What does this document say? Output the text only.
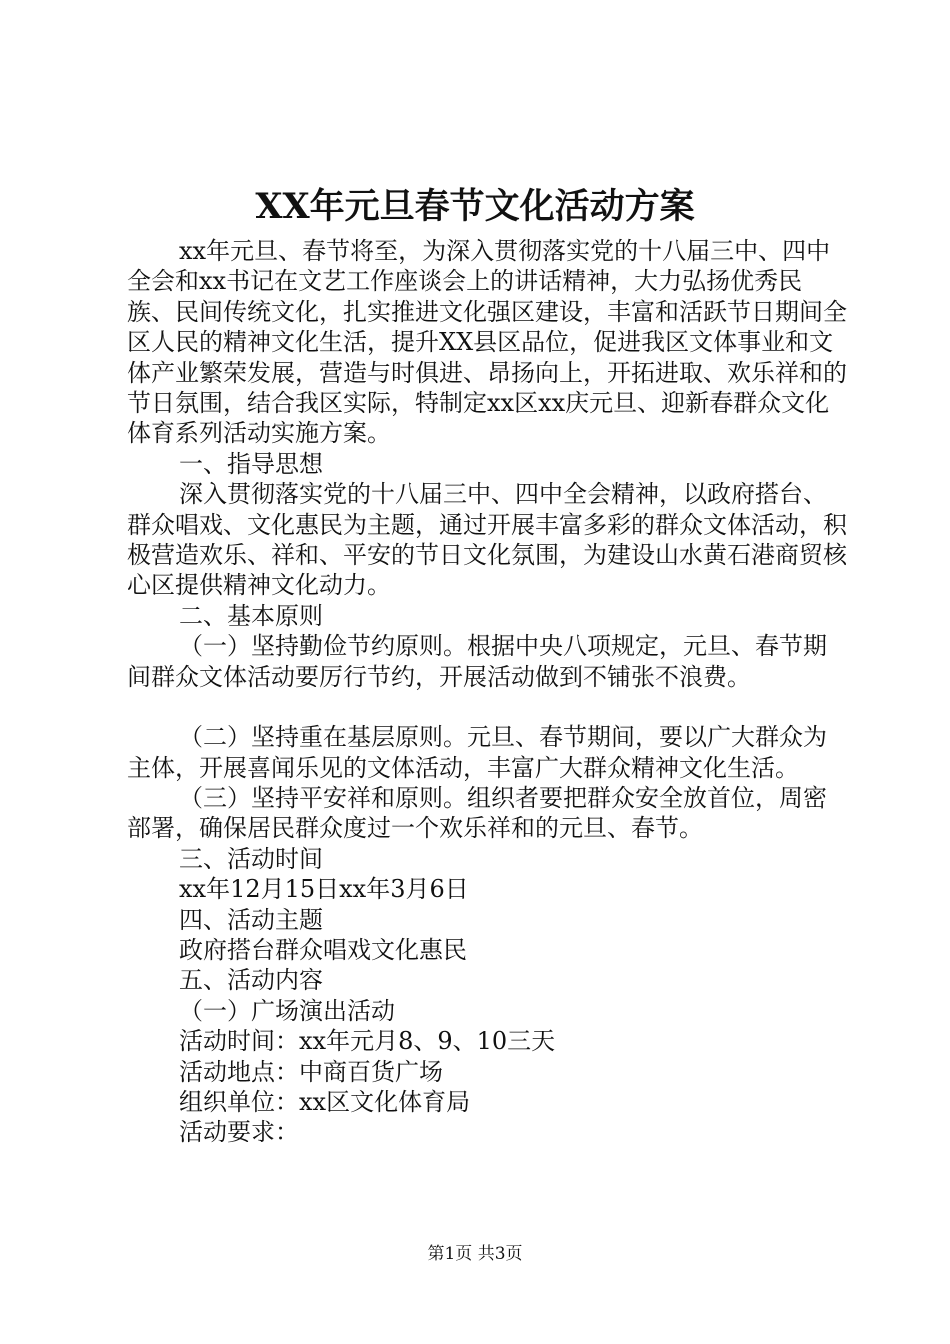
XX年元旦春节文化活动方案

xx年元旦、春节将至，为深入贯彻落实党的十八届三中、四中全会和xx书记在文艺工作座谈会上的讲话精神，大力弘扬优秀民族、民间传统文化，扎实推进文化强区建设，丰富和活跃节日期间全区人民的精神文化生活，提升XX县区品位，促进我区文体事业和文体产业繁荣发展，营造与时俱进、昂扬向上，开拓进取、欢乐祥和的节日氛围，结合我区实际，特制定xx区xx庆元旦、迎新春群众文化体育系列活动实施方案。

一、指导思想

深入贯彻落实党的十八届三中、四中全会精神，以政府搭台、群众唱戏、文化惠民为主题，通过开展丰富多彩的群众文体活动，积极营造欢乐、祥和、平安的节日文化氛围，为建设山水黄石港商贸核心区提供精神文化动力。

二、基本原则

（一）坚持勤俭节约原则。根据中央八项规定，元旦、春节期间群众文体活动要厉行节约，开展活动做到不铺张不浪费。

（二）坚持重在基层原则。元旦、春节期间，要以广大群众为主体，开展喜闻乐见的文体活动，丰富广大群众精神文化生活。

（三）坚持平安祥和原则。组织者要把群众安全放首位，周密部署，确保居民群众度过一个欢乐祥和的元旦、春节。

三、活动时间

xx年12月15日xx年3月6日

四、活动主题

政府搭台群众唱戏文化惠民

五、活动内容

（一）广场演出活动

活动时间：xx年元月8、9、10三天

活动地点：中商百货广场

组织单位：xx区文化体育局

活动要求：

第1页 共3页
